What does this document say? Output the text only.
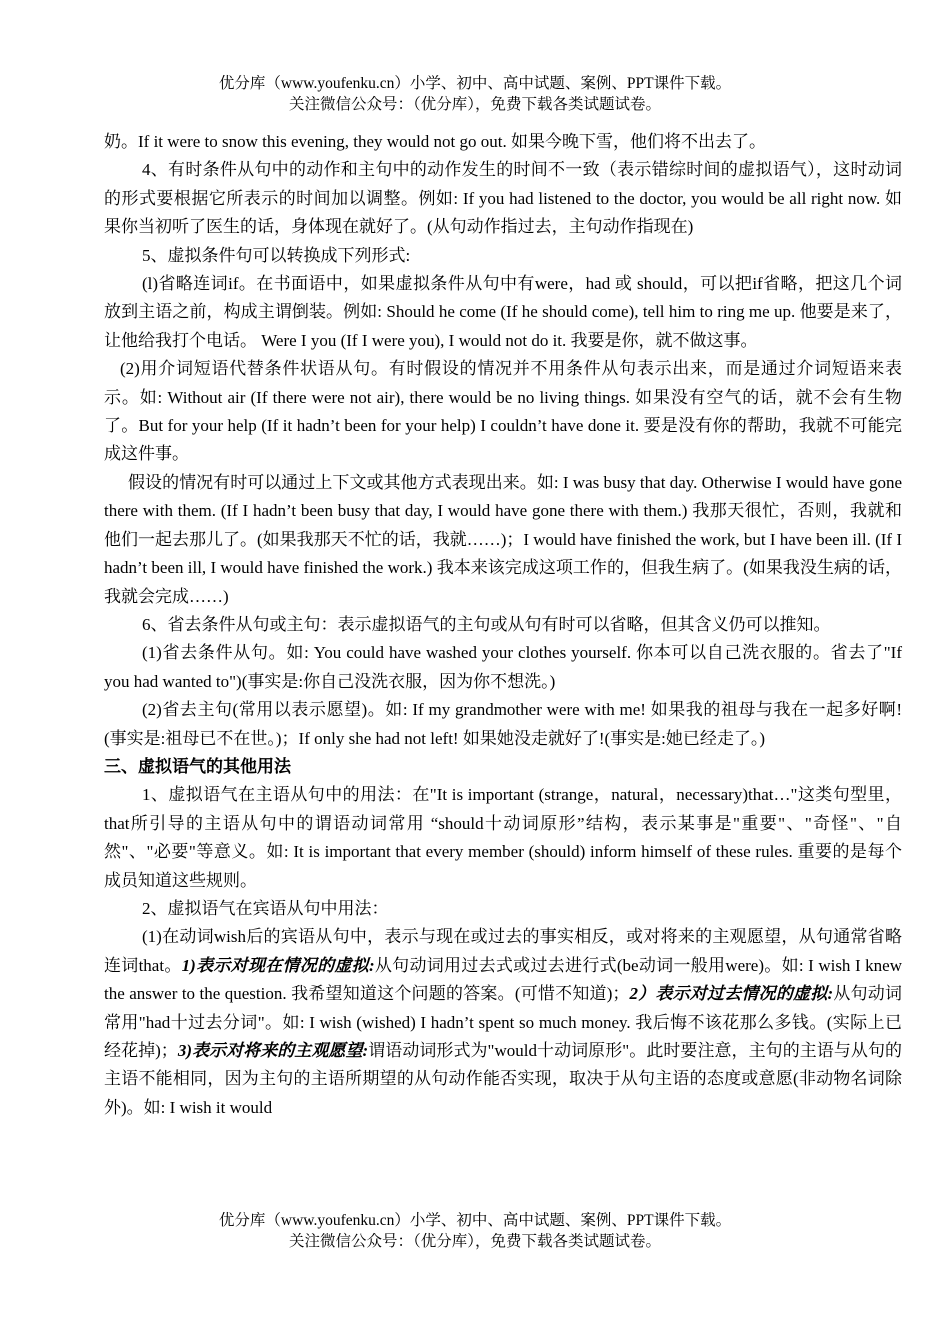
优分库（www.youfenku.cn）小学、初中、高中试题、案例、PPT课件下载。
关注微信公众号：（优分库），免费下载各类试题试卷。

奶。If it were to snow this evening, they would not go out. 如果今晚下雪，他们将不出去了。

4、有时条件从句中的动作和主句中的动作发生的时间不一致（表示错综时间的虚拟语气），这时动词的形式要根据它所表示的时间加以调整。例如: If you had listened to the doctor, you would be all right now. 如果你当初听了医生的话，身体现在就好了。(从句动作指过去，主句动作指现在)

5、虚拟条件句可以转换成下列形式:

(l)省略连词if。在书面语中，如果虚拟条件从句中有were，had 或 should，可以把if省略，把这几个词放到主语之前，构成主谓倒装。例如: Should he come (If he should come), tell him to ring me up. 他要是来了，让他给我打个电话。 Were I you (If I were you), I would not do it. 我要是你，就不做这事。

(2)用介词短语代替条件状语从句。有时假设的情况并不用条件从句表示出来，而是通过介词短语来表示。如: Without air (If there were not air), there would be no living things. 如果没有空气的话，就不会有生物了。But for your help (If it hadn’t been for your help) I couldn’t have done it. 要是没有你的帮助，我就不可能完成这件事。

假设的情况有时可以通过上下文或其他方式表现出来。如: I was busy that day. Otherwise I would have gone there with them. (If I hadn’t been busy that day, I would have gone there with them.) 我那天很忙，否则，我就和他们一起去那儿了。(如果我那天不忙的话，我就……)；I would have finished the work, but I have been ill. (If I hadn’t been ill, I would have finished the work.) 我本来该完成这项工作的，但我生病了。(如果我没生病的话，我就会完成……)

6、省去条件从句或主句：表示虚拟语气的主句或从句有时可以省略，但其含义仍可以推知。

(1)省去条件从句。如: You could have washed your clothes yourself. 你本可以自己洗衣服的。省去了"If you had wanted to")(事实是:你自己没洗衣服，因为你不想洗。)

(2)省去主句(常用以表示愿望)。如: If my grandmother were with me! 如果我的祖母与我在一起多好啊!(事实是:祖母已不在世。)；If only she had not left! 如果她没走就好了!(事实是:她已经走了。)

三、虚拟语气的其他用法

1、虚拟语气在主语从句中的用法：在"It is important (strange，natural，necessary)that…"这类句型里，that所引导的主语从句中的谓语动词常用 “should十动词原形”结构，表示某事是"重要"、"奇怪"、"自然"、"必要"等意义。如: It is important that every member (should) inform himself of these rules. 重要的是每个成员知道这些规则。

2、虚拟语气在宾语从句中用法：

(1)在动词wish后的宾语从句中，表示与现在或过去的事实相反，或对将来的主观愿望，从句通常省略连词that。1)表示对现在情况的虚拟:从句动词用过去式或过去进行式(be动词一般用were)。如: I wish I knew the answer to the question. 我希望知道这个问题的答案。(可惜不知道)；2）表示对过去情况的虚拟:从句动词常用"had十过去分词"。如: I wish (wished) I hadn’t spent so much money. 我后悔不该花那么多钱。(实际上已经花掉)；3)表示对将来的主观愿望:谓语动词形式为"would十动词原形"。此时要注意，主句的主语与从句的主语不能相同，因为主句的主语所期望的从句动作能否实现，取决于从句主语的态度或意愿(非动物名词除外)。如: I wish it would

优分库（www.youfenku.cn）小学、初中、高中试题、案例、PPT课件下载。
关注微信公众号：（优分库），免费下载各类试题试卷。
